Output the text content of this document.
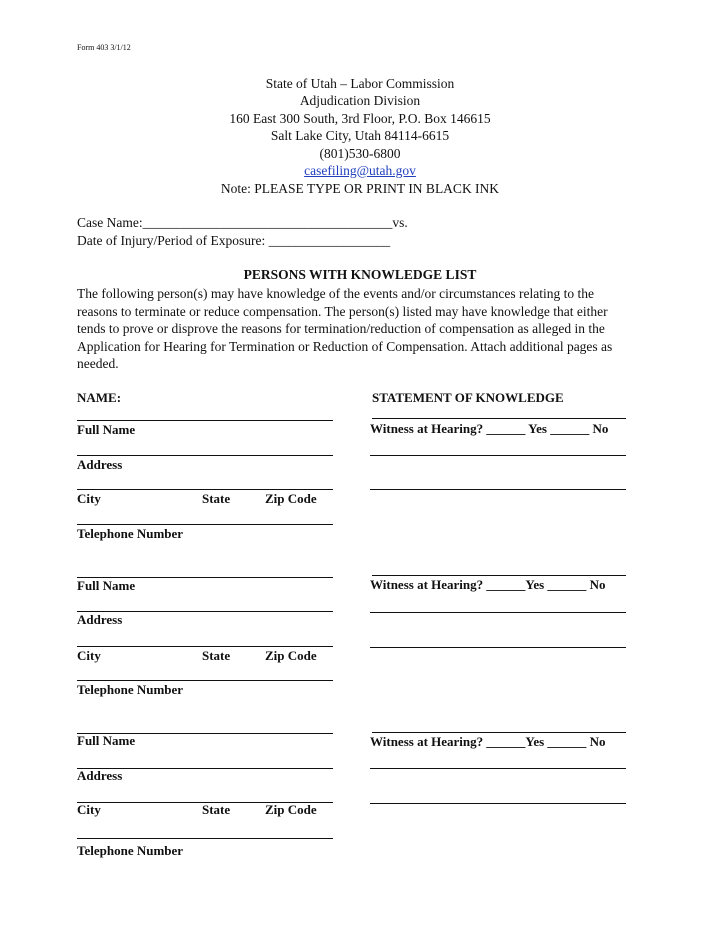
Form 403 3/1/12
State of Utah – Labor Commission
Adjudication Division
160 East 300 South, 3rd Floor, P.O. Box 146615
Salt Lake City, Utah 84114-6615
(801)530-6800
casefiling@utah.gov
Note: PLEASE TYPE OR PRINT IN BLACK INK
Case Name:_____________________________________vs.
Date of Injury/Period of Exposure: __________________
PERSONS WITH KNOWLEDGE LIST
The following person(s) may have knowledge of the events and/or circumstances relating to the reasons to terminate or reduce compensation. The person(s) listed may have knowledge that either tends to prove or disprove the reasons for termination/reduction of compensation as alleged in the Application for Hearing for Termination or Reduction of Compensation. Attach additional pages as needed.
NAME:	STATEMENT OF KNOWLEDGE
Full Name
Address
City	State	Zip Code
Telephone Number
Witness at Hearing? ______ Yes ______ No
Full Name
Address
City	State	Zip Code
Telephone Number
Witness at Hearing? ______Yes ______ No
Full Name
Address
City	State	Zip Code
Telephone Number
Witness at Hearing? ______Yes ______ No
